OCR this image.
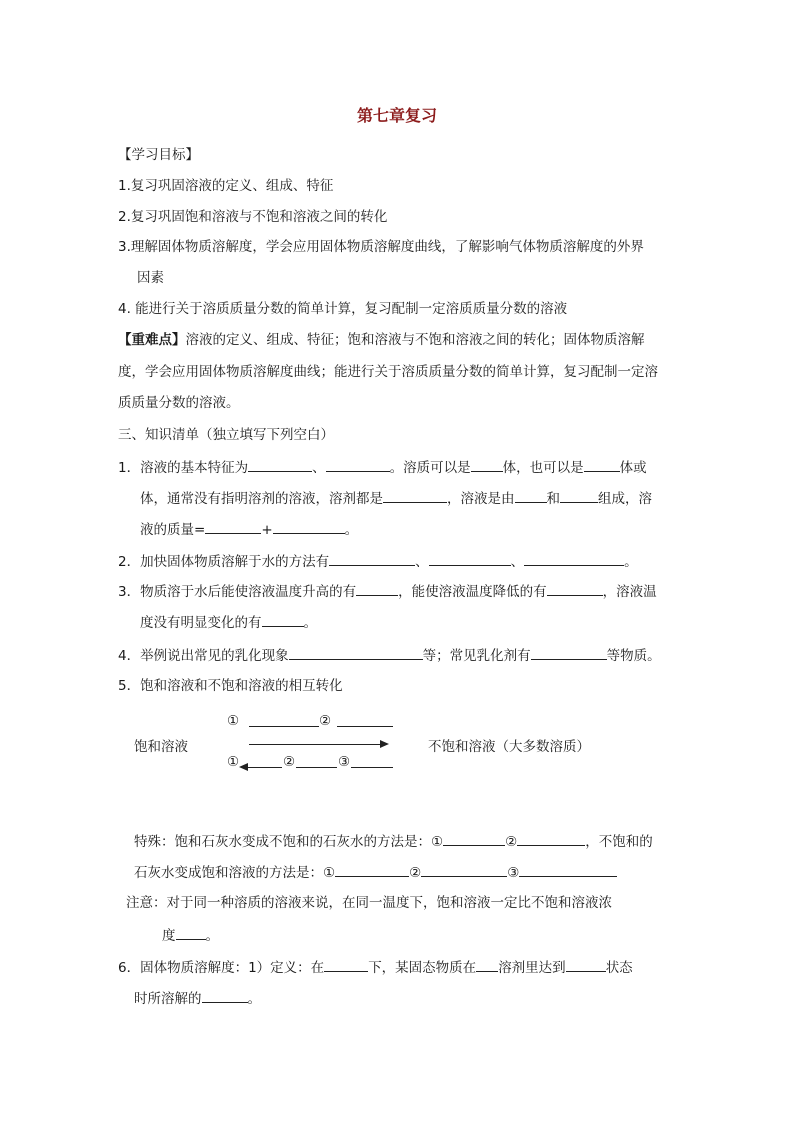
第七章复习
【学习目标】
1.复习巩固溶液的定义、组成、特征
2.复习巩固饱和溶液与不饱和溶液之间的转化
3.理解固体物质溶解度，学会应用固体物质溶解度曲线，了解影响气体物质溶解度的外界
因素
4. 能进行关于溶质质量分数的简单计算，复习配制一定溶质质量分数的溶液
【重难点】溶液的定义、组成、特征；饱和溶液与不饱和溶液之间的转化；固体物质溶解
度，学会应用固体物质溶解度曲线；能进行关于溶质质量分数的简单计算，复习配制一定溶
质质量分数的溶液。
三、知识清单（独立填写下列空白）
1．溶液的基本特征为	、	。溶质可以是 体，也可以是	体或
体，通常没有指明溶剂的溶液，溶剂都是	，溶液是由 和	组成，溶
液的质量=	+	。
2．加快固体物质溶解于水的方法有	、	、	。
3．物质溶于水后能使溶液温度升高的有	，能使溶液温度降低的有	，溶液温
度没有明显变化的有	。
4．举例说出常见的乳化现象	等；常见乳化剂有	等物质。
5．饱和溶液和不饱和溶液的相互转化
饱和溶液	不饱和溶液（大多数溶质）
①	②
①	②	③
特殊：饱和石灰水变成不饱和的石灰水的方法是：①	②	，不饱和的
石灰水变成饱和溶液的方法是：①	②	③
注意：对于同一种溶质的溶液来说，在同一温度下，饱和溶液一定比不饱和溶液浓
度 。
6．固体物质溶解度：1）定义：在	下，某固态物质在 溶剂里达到	状态
时所溶解的	。
